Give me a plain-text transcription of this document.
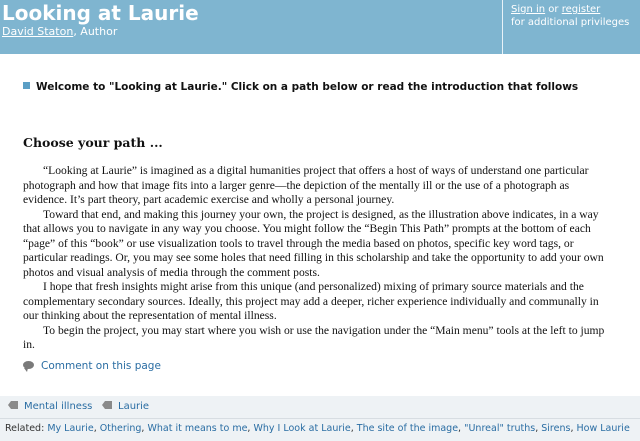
Looking at Laurie
David Staton, Author
Sign in or register
for additional privileges
Welcome to "Looking at Laurie." Click on a path below or read the introduction that follows
Choose your path ...

“Looking at Laurie” is imagined as a digital humanities project that offers a host of ways of understand one particular photograph and how that image fits into a larger genre—the depiction of the mentally ill or the use of a photograph as evidence. It’s part theory, part academic exercise and wholly a personal journey.

Toward that end, and making this journey your own, the project is designed, as the illustration above indicates, in a way that allows you to navigate in any way you choose. You might follow the “Begin This Path” prompts at the bottom of each “page” of this “book” or use visualization tools to travel through the media based on photos, specific key word tags, or particular readings. Or, you may see some holes that need filling in this scholarship and take the opportunity to add your own photos and visual analysis of media through the comment posts.

I hope that fresh insights might arise from this unique (and personalized) mixing of primary source materials and the complementary secondary sources. Ideally, this project may add a deeper, richer experience individually and communally in our thinking about the representation of mental illness.

To begin the project, you may start where you wish or use the navigation under the “Main menu” tools at the left to jump in.

Comment on this page
Mental illness	Laurie
Related: My Laurie, Othering, What it means to me, Why I Look at Laurie, The site of the image, "Unreal" truths, Sirens, How Laurie
